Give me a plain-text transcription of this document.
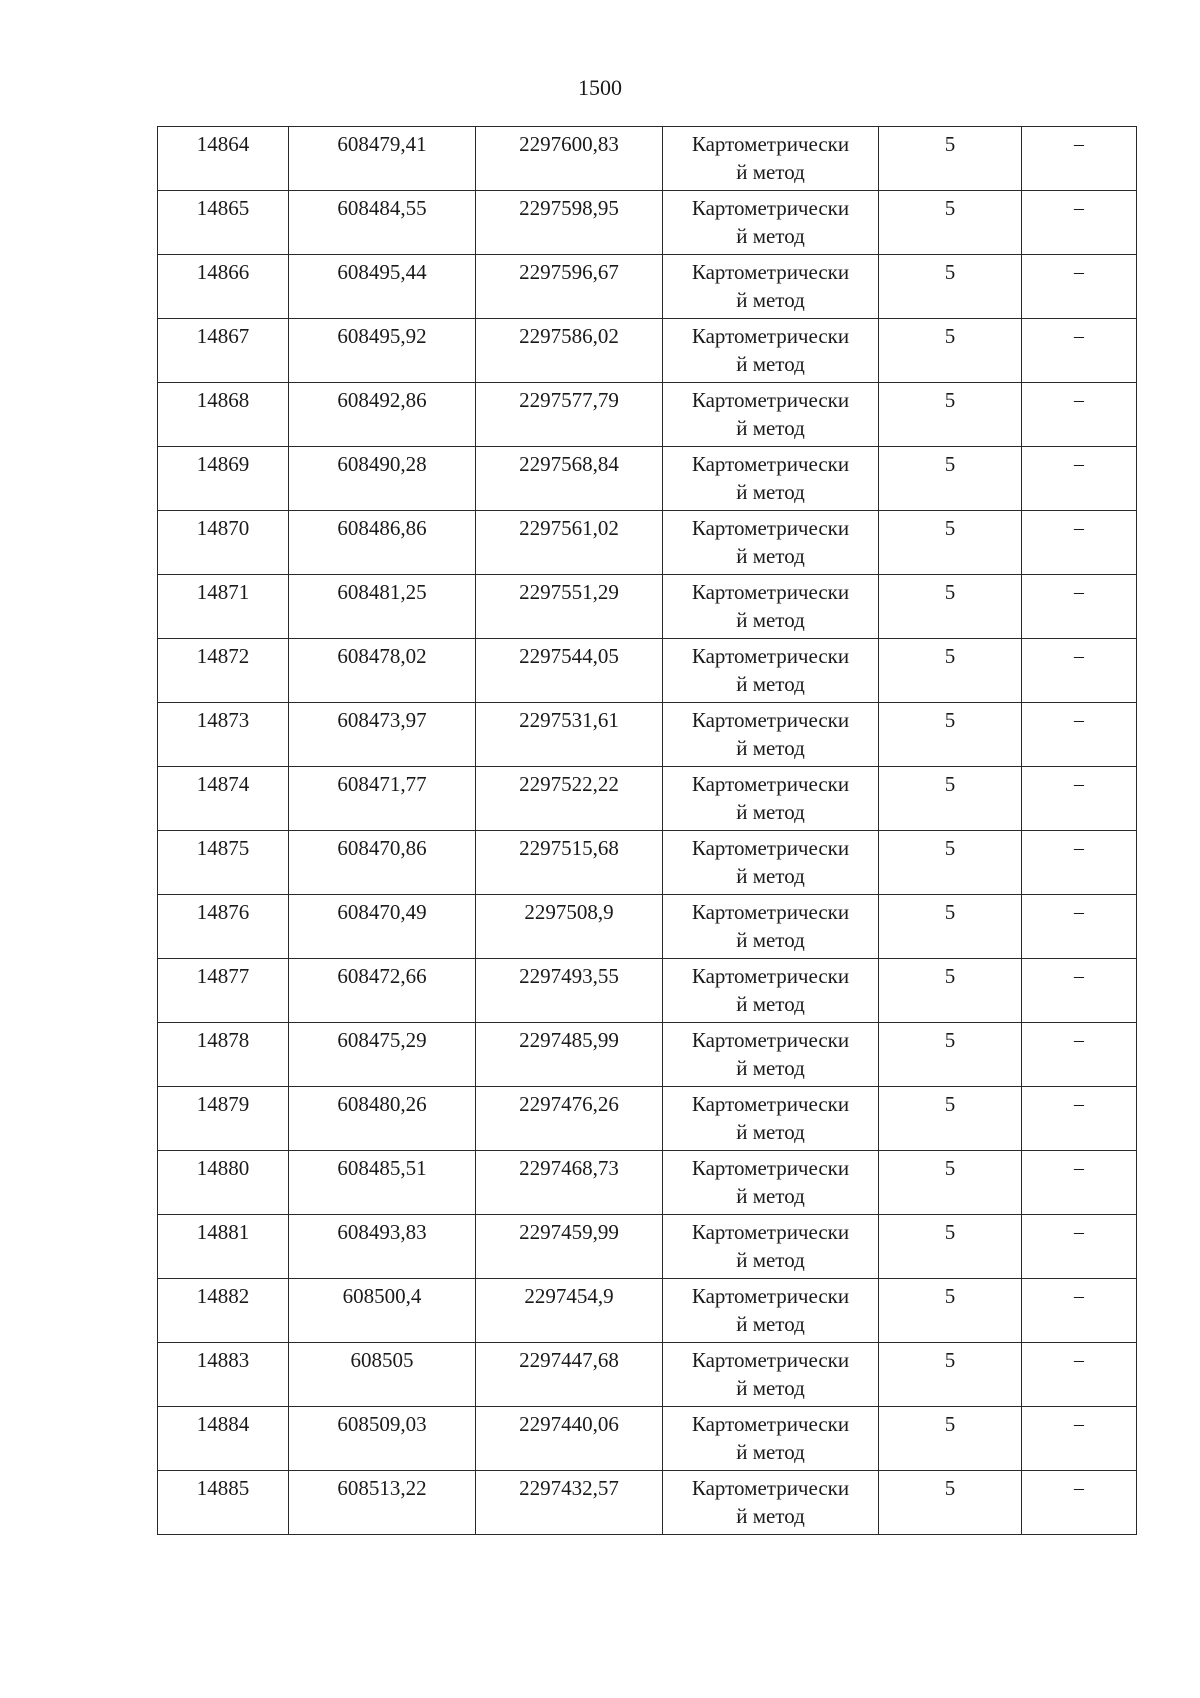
1500
14864	608479,41	2297600,83	Картометрически
й метод	5	–

14865	608484,55	2297598,95	Картометрически
й метод	5	–

14866	608495,44	2297596,67	Картометрически
й метод	5	–

14867	608495,92	2297586,02	Картометрически
й метод	5	–

14868	608492,86	2297577,79	Картометрически
й метод	5	–

14869	608490,28	2297568,84	Картометрически
й метод	5	–

14870	608486,86	2297561,02	Картометрически
й метод	5	–

14871	608481,25	2297551,29	Картометрически
й метод	5	–

14872	608478,02	2297544,05	Картометрически
й метод	5	–

14873	608473,97	2297531,61	Картометрически
й метод	5	–

14874	608471,77	2297522,22	Картометрически
й метод	5	–

14875	608470,86	2297515,68	Картометрически
й метод	5	–

14876	608470,49	2297508,9	Картометрически
й метод	5	–

14877	608472,66	2297493,55	Картометрически
й метод	5	–

14878	608475,29	2297485,99	Картометрически
й метод	5	–

14879	608480,26	2297476,26	Картометрически
й метод	5	–

14880	608485,51	2297468,73	Картометрически
й метод	5	–

14881	608493,83	2297459,99	Картометрически
й метод	5	–

14882	608500,4	2297454,9	Картометрически
й метод	5	–

14883	608505	2297447,68	Картометрически
й метод	5	–

14884	608509,03	2297440,06	Картометрически
й метод	5	–

14885	608513,22	2297432,57	Картометрически
й метод	5	–
